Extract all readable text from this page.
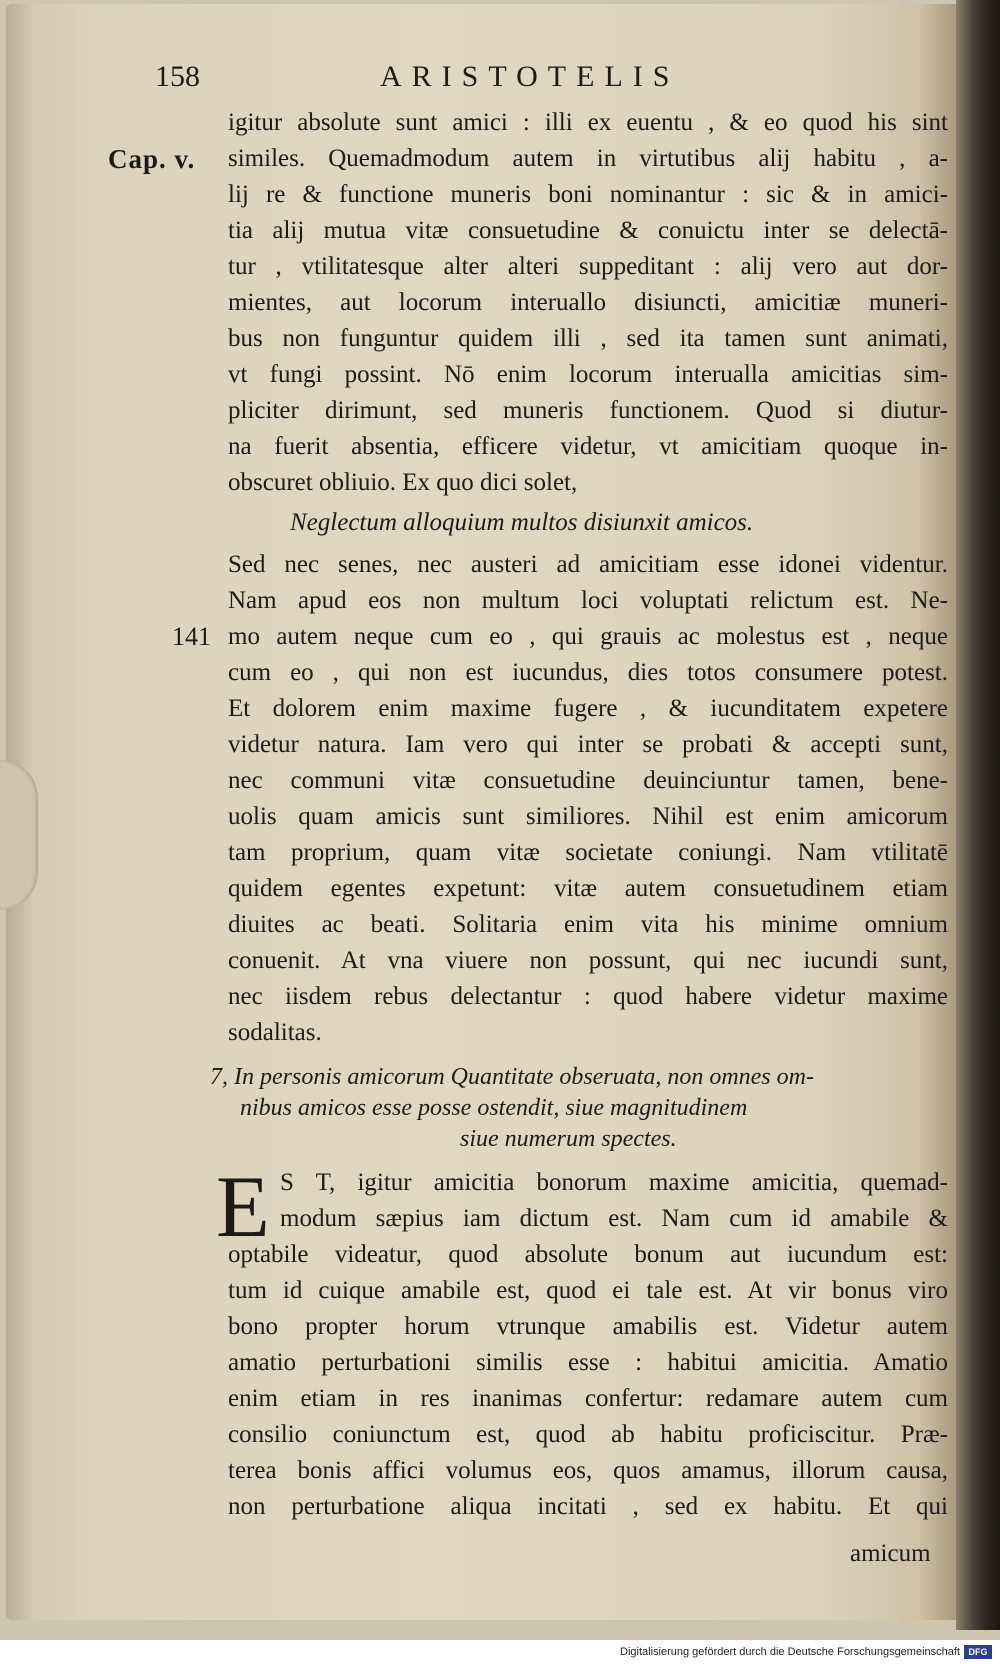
158	ARISTOTELIS
Cap. v.
141
igitur absolute sunt amici : illi ex euentu , & eo quod his sint
similes. Quemadmodum autem in virtutibus alij habitu , a-
lij re & functione muneris boni nominantur : sic & in amici-
tia alij mutua vitæ consuetudine & conuictu inter se delectā-
tur , vtilitatesque alter alteri suppeditant : alij vero aut dor-
mientes, aut locorum interuallo disiuncti, amicitiæ muneri-
bus non funguntur quidem illi , sed ita tamen sunt animati,
vt fungi possint. Nō enim locorum interualla amicitias sim-
pliciter dirimunt, sed muneris functionem. Quod si diutur-
na fuerit absentia, efficere videtur, vt amicitiam quoque in-
obscuret obliuio. Ex quo dici solet,
Neglectum alloquium multos disiunxit amicos.
Sed nec senes, nec austeri ad amicitiam esse idonei videntur.
Nam apud eos non multum loci voluptati relictum est. Ne-
mo autem neque cum eo , qui grauis ac molestus est , neque
cum eo , qui non est iucundus, dies totos consumere potest.
Et dolorem enim maxime fugere , & iucunditatem expetere
videtur natura. Iam vero qui inter se probati & accepti sunt,
nec communi vitæ consuetudine deuinciuntur tamen, bene-
uolis quam amicis sunt similiores. Nihil est enim amicorum
tam proprium, quam vitæ societate coniungi. Nam vtilitatē
quidem egentes expetunt: vitæ autem consuetudinem etiam
diuites ac beati. Solitaria enim vita his minime omnium
conuenit. At vna viuere non possunt, qui nec iucundi sunt,
nec iisdem rebus delectantur : quod habere videtur maxime
sodalitas.
7, In personis amicorum Quantitate obseruata, non omnes om-
nibus amicos esse posse ostendit, siue magnitudinem
siue numerum spectes.
E S T, igitur amicitia bonorum maxime amicitia, quemad-
modum sæpius iam dictum est. Nam cum id amabile &
optabile videatur, quod absolute bonum aut iucundum est:
tum id cuique amabile est, quod ei tale est. At vir bonus viro
bono propter horum vtrunque amabilis est. Videtur autem
amatio perturbationi similis esse : habitui amicitia. Amatio
enim etiam in res inanimas confertur: redamare autem cum
consilio coniunctum est, quod ab habitu proficiscitur. Præ-
terea bonis affici volumus eos, quos amamus, illorum causa,
non perturbatione aliqua incitati , sed ex habitu. Et qui
amicum
Digitalisierung gefördert durch die Deutsche Forschungsgemeinschaft DFG
